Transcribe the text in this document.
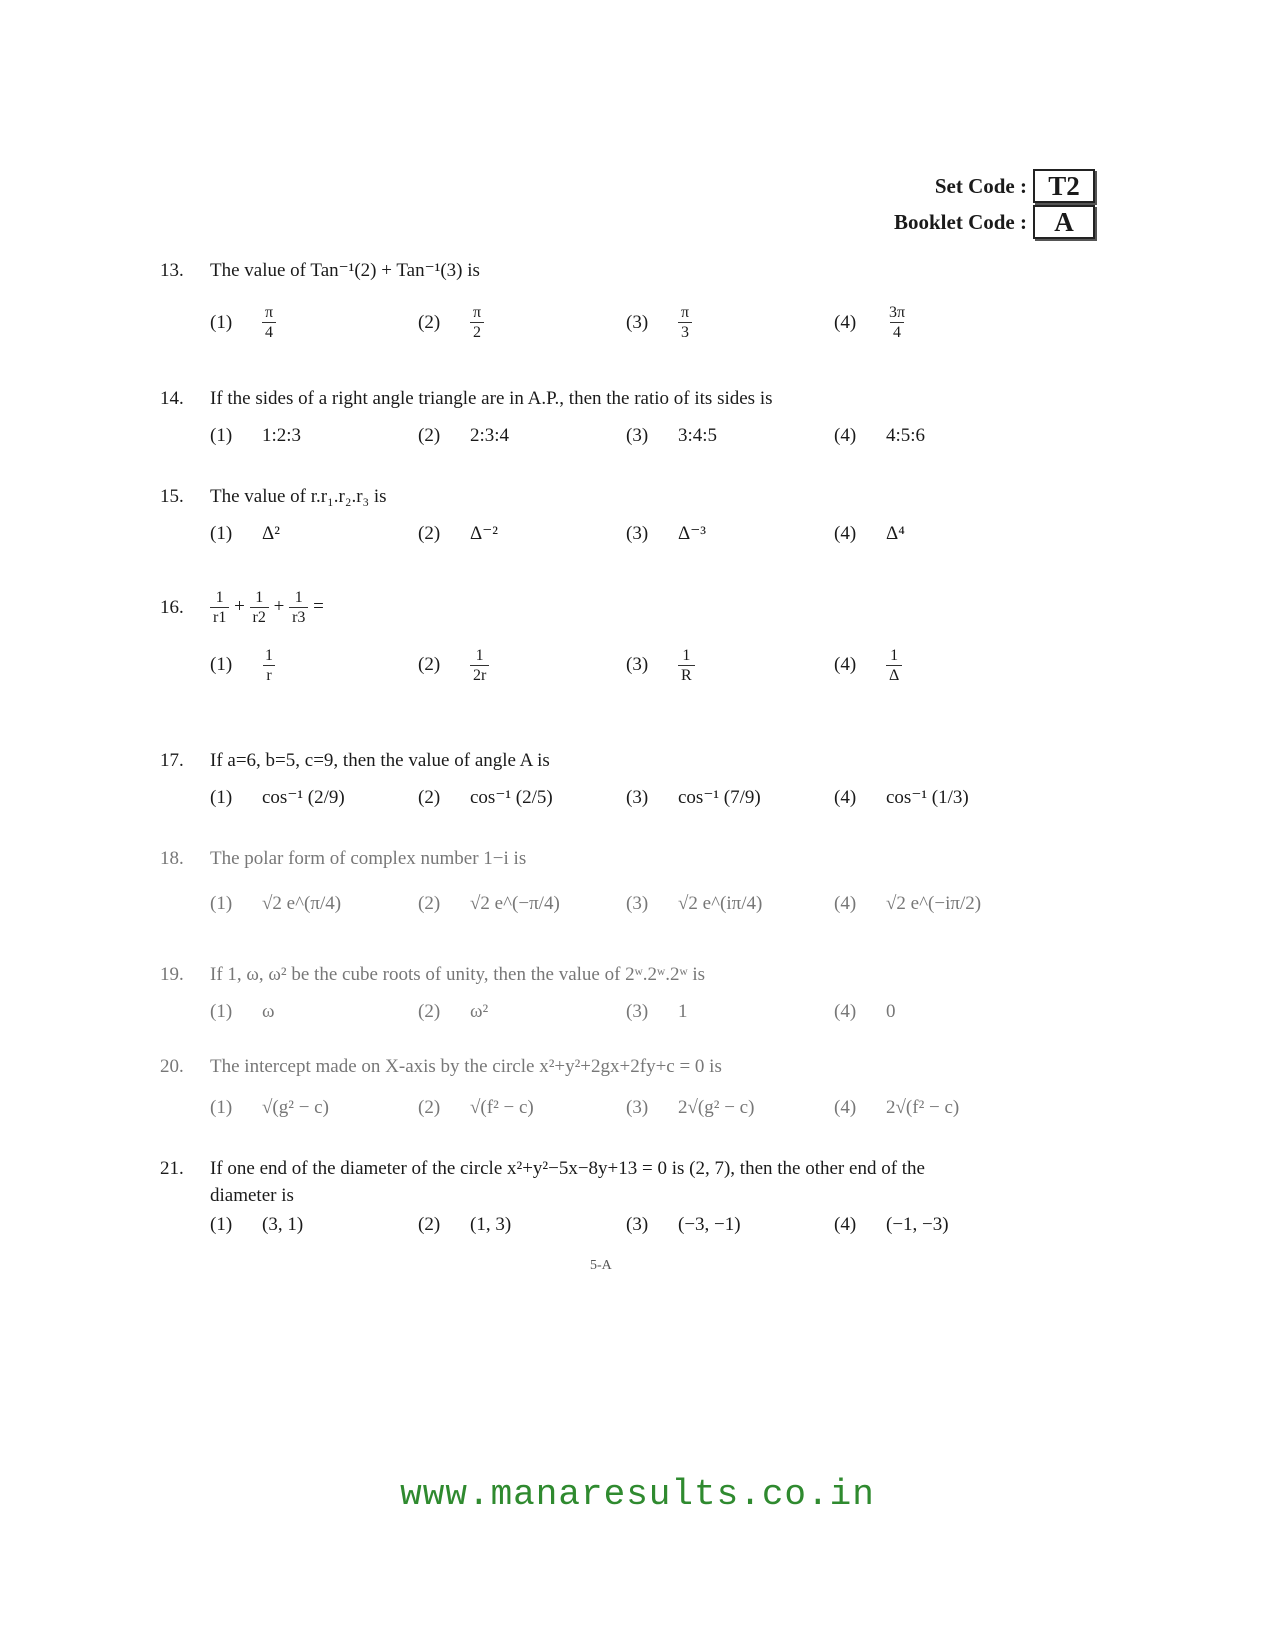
Set Code : T2
Booklet Code :	A
13.	The value of Tan⁻¹(2) + Tan⁻¹(3) is
(1)	$\frac{\pi}{4}$	(2)	$\frac{\pi}{2}$	(3)	$\frac{\pi}{3}$	(4)	$\frac{3\pi}{4}$
14.	If the sides of a right angle triangle are in A.P., then the ratio of its sides is
(1)	1:2:3	(2)	2:3:4	(3)	3:4:5	(4)	4:5:6
15.	The value of r.r₁.r₂.r₃ is
(1)	Δ²	(2)	Δ⁻²	(3)	Δ⁻³	(4)	Δ⁴
16.	$\frac{1}{r1} + \frac{1}{r2} + \frac{1}{r3}$ =
(1)	$\frac{1}{r}$	(2)	$\frac{1}{2r}$	(3)	$\frac{1}{R}$	(4)	$\frac{1}{\Delta}$
17.	If a=6, b=5, c=9, then the value of angle A is
(1)	cos⁻¹ (2/9)	(2)	cos⁻¹ (2/5)	(3)	cos⁻¹ (7/9)	(4)	cos⁻¹ (1/3)
18.	The polar form of complex number 1−i is
(1)	√2 e^(π/4)	(2)	√2 e^(−π/4)	(3)	√2 e^(iπ/4)	(4)	√2 e^(−iπ/2)
19.	If 1, ω, ω² be the cube roots of unity, then the value of 2ʷ.2ʷ.2ʷ is
(1)	ω	(2)	ω²	(3)	1	(4)	0
20.	The intercept made on X-axis by the circle x²+y²+2gx+2fy+c = 0 is
(1)	√(g² − c)	(2)	√(f² − c)	(3)	2√(g² − c)	(4)	2√(f² − c)
21.	If one end of the diameter of the circle x²+y²−5x−8y+13 = 0 is (2, 7), then the other end of the
diameter is
(1)	(3, 1)	(2)	(1, 3)	(3)	(−3, −1)	(4)	(−1, −3)
5-A
www.manaresults.co.in
